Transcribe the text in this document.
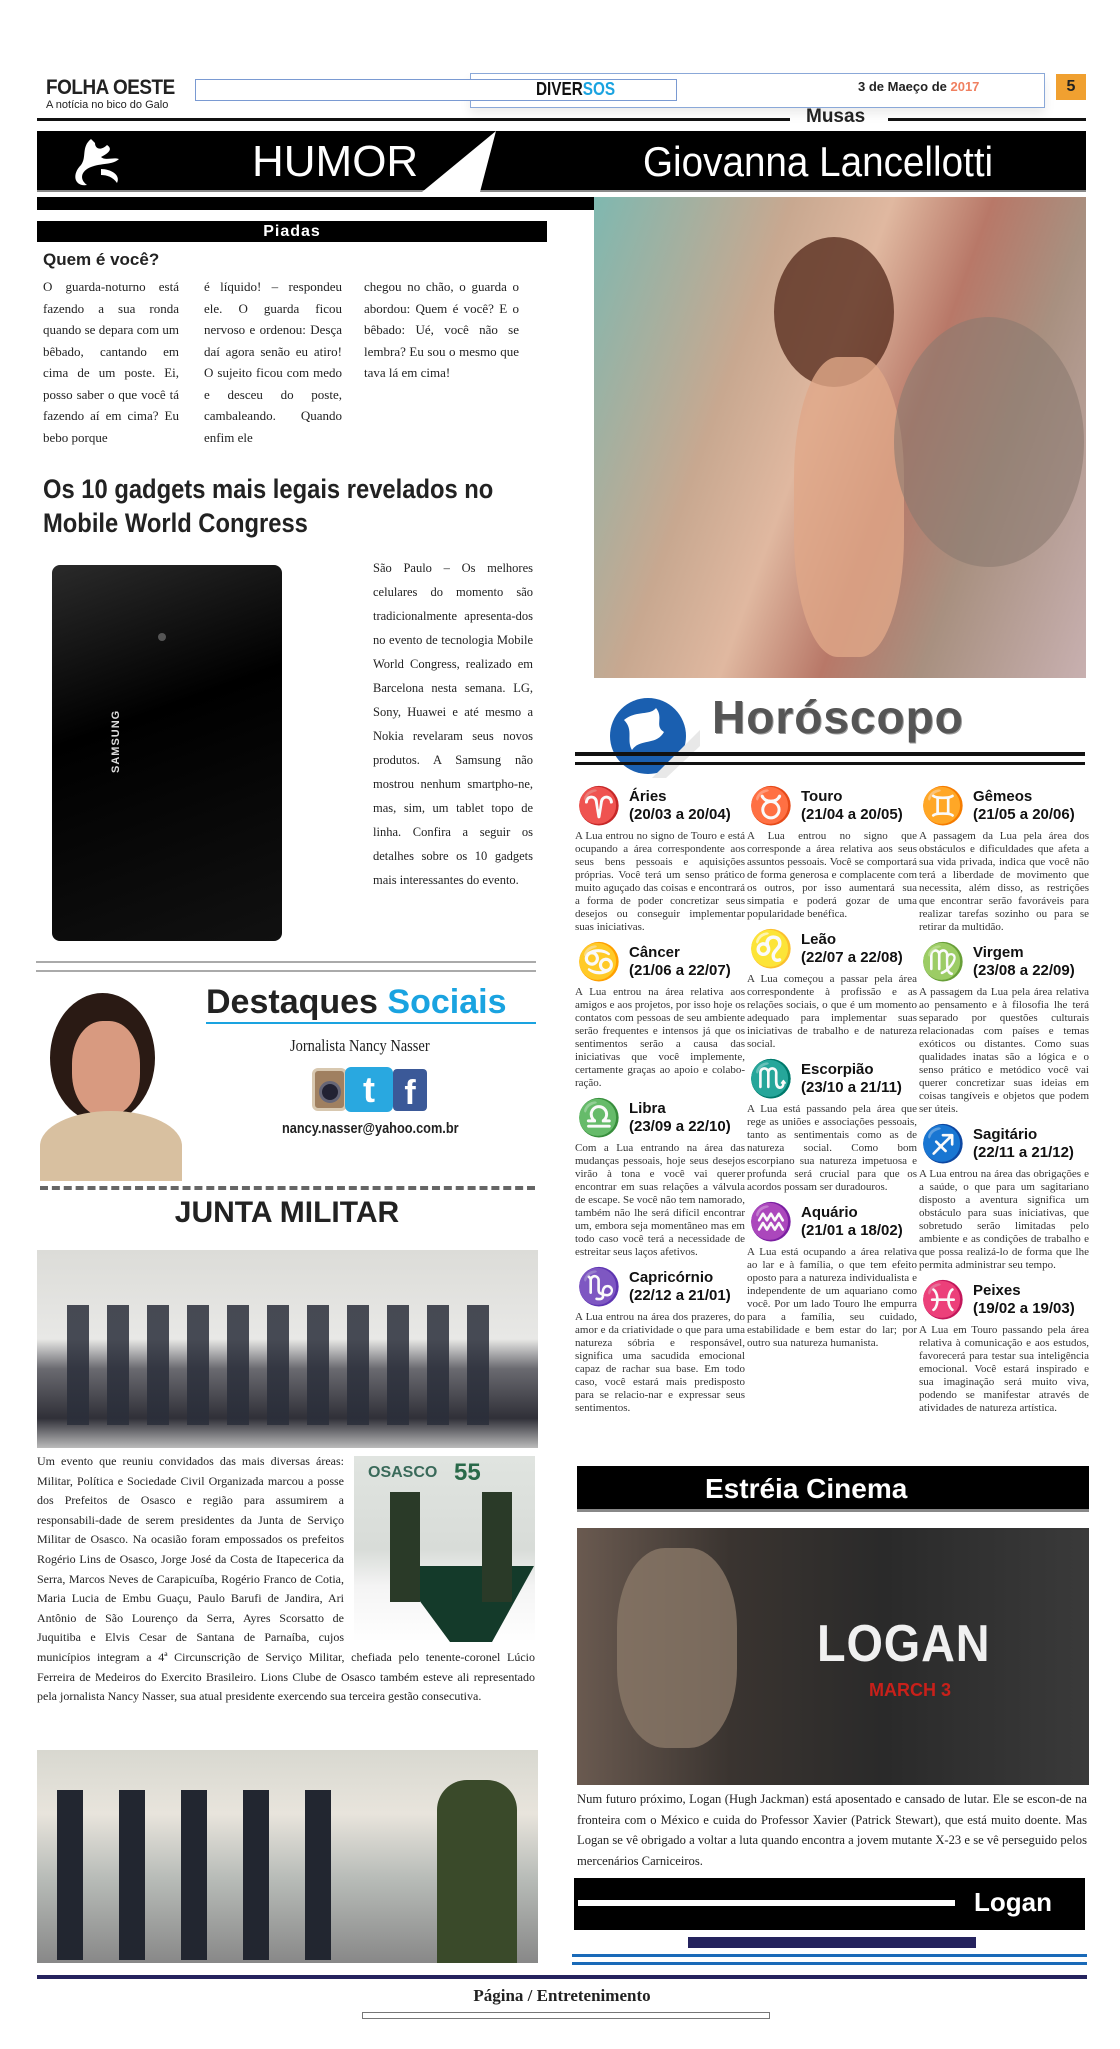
FOLHA OESTE
A notícia no bico do Galo
DIVERSOS	3 de Maeço de 2017	5
Musas
HUMOR	Giovanna Lancellotti
Piadas
Quem é você?
O guarda-noturno está fazendo a sua ronda quando se depara com um bêbado, cantando em cima de um poste. Ei, posso saber o que você tá fazendo aí em cima? Eu bebo porque
é líquido! – respondeu ele. O guarda ficou nervoso e ordenou: Desça daí agora senão eu atiro! O sujeito ficou com medo e desceu do poste, cambaleando. Quando enfim ele
chegou no chão, o guarda o abordou: Quem é você? E o bêbado: Ué, você não se lembra? Eu sou o mesmo que tava lá em cima!
Os 10 gadgets mais legais revelados no Mobile World Congress
SAMSUNG
São Paulo – Os melhores celulares do momento são tradicionalmente apresenta-dos no evento de tecnologia Mobile World Congress, realizado em Barcelona nesta semana. LG, Sony, Huawei e até mesmo a Nokia revelaram seus novos produtos. A Samsung não mostrou nenhum smartpho-ne, mas, sim, um tablet topo de linha. Confira a seguir os detalhes sobre os 10 gadgets mais interessantes do evento.
Destaques Sociais
Jornalista Nancy Nasser
t f
nancy.nasser@yahoo.com.br
JUNTA MILITAR
OSASCO 55
Um evento que reuniu convidados das mais diversas áreas: Militar, Política e Sociedade Civil Organizada marcou a posse dos Prefeitos de Osasco e região para assumirem a responsabili-dade de serem presidentes da Junta de Serviço Militar de Osasco. Na ocasião foram empossados os prefeitos Rogério Lins de Osasco, Jorge José da Costa de Itapecerica da Serra, Marcos Neves de Carapicuíba, Rogério Franco de Cotia, Maria Lucia de Embu Guaçu, Paulo Barufi de Jandira, Ari Antônio de São Lourenço da Serra, Ayres Scorsatto de Juquitiba e Elvis Cesar de Santana de Parnaíba, cujos municípios integram a 4ª Circunscrição de Serviço Militar, chefiada pelo tenente-coronel Lúcio Ferreira de Medeiros do Exercito Brasileiro. Lions Clube de Osasco também esteve ali representado pela jornalista Nancy Nasser, sua atual presidente exercendo sua terceira gestão consecutiva.
Horóscopo
♈ Áries
(20/03 a 20/04)
A Lua entrou no signo de Touro e está ocupando a área correspondente aos seus bens pessoais e aquisições próprias. Você terá um senso prático muito aguçado das coisas e encontrará a forma de poder concretizar seus desejos ou conseguir implementar suas iniciativas.
♋ Câncer
(21/06 a 22/07)
A Lua entrou na área relativa aos amigos e aos projetos, por isso hoje os contatos com pessoas de seu ambiente serão frequentes e intensos já que os sentimentos serão a causa das iniciativas que você implemente, certamente graças ao apoio e colabo-ração.
♎ Libra
(23/09 a 22/10)
Com a Lua entrando na área das mudanças pessoais, hoje seus desejos virão à tona e você vai querer encontrar em suas relações a válvula de escape. Se você não tem namorado, também não lhe será difícil encontrar um, embora seja momentâneo mas em todo caso você terá a necessidade de estreitar seus laços afetivos.
♑ Capricórnio
(22/12 a 21/01)
A Lua entrou na área dos prazeres, do amor e da criatividade o que para uma natureza sóbria e responsável, significa uma sacudida emocional capaz de rachar sua base. Em todo caso, você estará mais predisposto para se relacio-nar e expressar seus sentimentos.
♉ Touro
(21/04 a 20/05)
A Lua entrou no signo que corresponde a área relativa aos seus assuntos pessoais. Você se comportará de forma generosa e complacente com os outros, por isso aumentará sua simpatia e poderá gozar de uma popularidade benéfica.
♌ Leão
(22/07 a 22/08)
A Lua começou a passar pela área correspondente à profissão e as relações sociais, o que é um momento adequado para implementar suas iniciativas de trabalho e de natureza social.
♏ Escorpião
(23/10 a 21/11)
A Lua está passando pela área que rege as uniões e associações pessoais, tanto as sentimentais como as de natureza social. Como bom escorpiano sua natureza impetuosa e profunda será crucial para que os acordos possam ser duradouros.
♒ Aquário
(21/01 a 18/02)
A Lua está ocupando a área relativa ao lar e à família, o que tem efeito oposto para a natureza individualista e independente de um aquariano como você. Por um lado Touro lhe empurra para a família, seu cuidado, estabilidade e bem estar do lar; por outro sua natureza humanista.
♊ Gêmeos
(21/05 a 20/06)
A passagem da Lua pela área dos obstáculos e dificuldades que afeta a sua vida privada, indica que você não terá a liberdade de movimento que necessita, além disso, as restrições que encontrar serão favoráveis para realizar tarefas sozinho ou para se retirar da multidão.
♍ Virgem
(23/08 a 22/09)
A passagem da Lua pela área relativa ao pensamento e à filosofia lhe terá separado por questões culturais relacionadas com países e temas exóticos ou distantes. Como suas qualidades inatas são a lógica e o senso prático e metódico você vai querer concretizar suas ideias em coisas tangíveis e objetos que podem ser úteis.
♐ Sagitário
(22/11 a 21/12)
A Lua entrou na área das obrigações e a saúde, o que para um sagitariano disposto a aventura significa um obstáculo para suas iniciativas, que sobretudo serão limitadas pelo ambiente e as condições de trabalho e que possa realizá-lo de forma que lhe permita administrar seu tempo.
♓ Peixes
(19/02 a 19/03)
A Lua em Touro passando pela área relativa à comunicação e aos estudos, favorecerá para testar sua inteligência emocional. Você estará inspirado e sua imaginação será muito viva, podendo se manifestar através de atividades de natureza artística.
Estréia Cinema
LOGAN
MARCH 3
Num futuro próximo, Logan (Hugh Jackman) está aposentado e cansado de lutar. Ele se escon-de na fronteira com o México e cuida do Professor Xavier (Patrick Stewart), que está muito doente. Mas Logan se vê obrigado a voltar a luta quando encontra a jovem mutante X-23 e se vê perseguido pelos mercenários Carniceiros.
Logan
Página / Entretenimento
